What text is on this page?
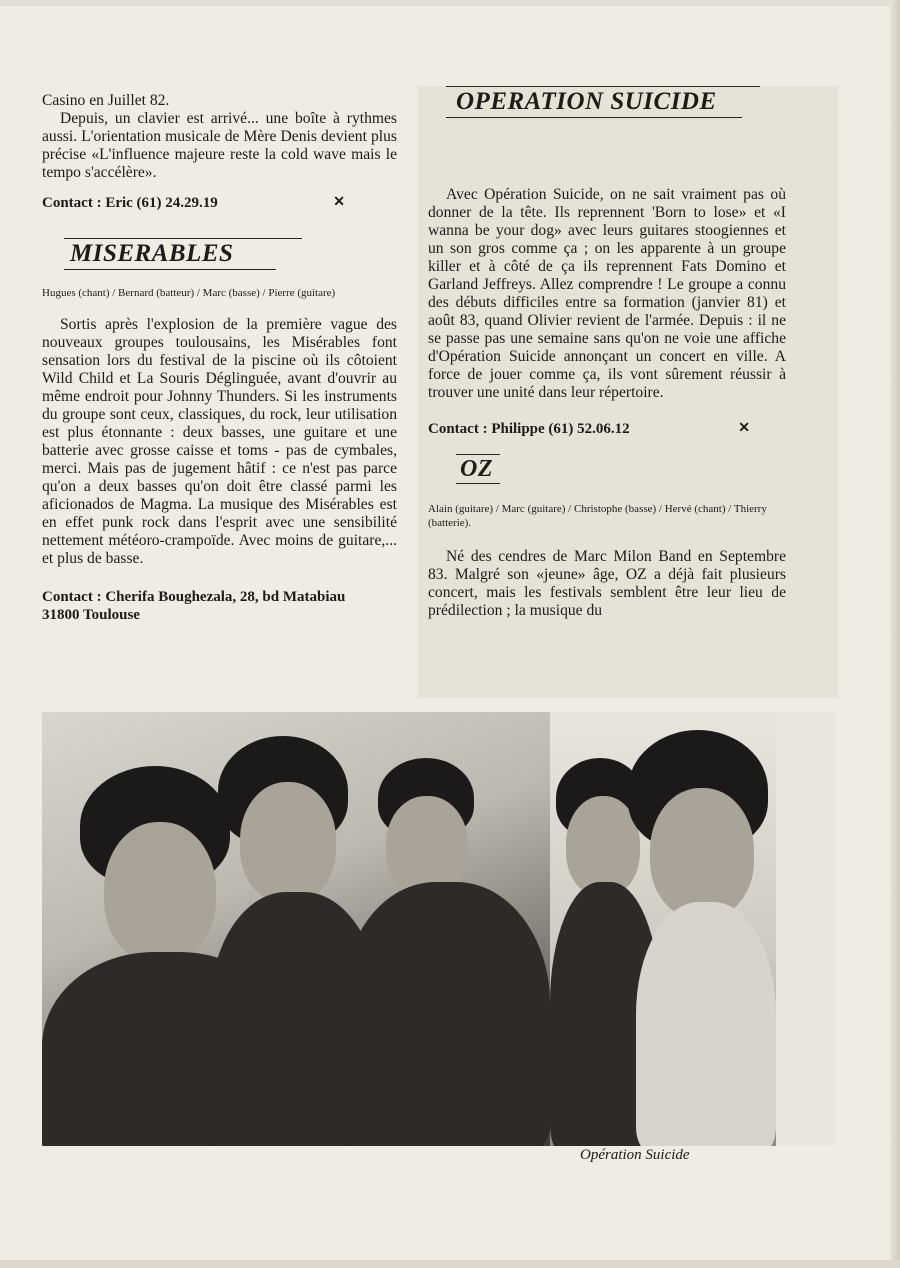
Casino en Juillet 82.

Depuis, un clavier est arrivé... une boîte à rythmes aussi. L'orientation musicale de Mère Denis devient plus précise «L'influence majeure reste la cold wave mais le tempo s'accélère».

Contact : Eric (61) 24.29.19	✕
MISERABLES

Hugues (chant) / Bernard (batteur) / Marc (basse) / Pierre (guitare)

Sortis après l'explosion de la première vague des nouveaux groupes toulousains, les Misérables font sensation lors du festival de la piscine où ils côtoient Wild Child et La Souris Déglinguée, avant d'ouvrir au même endroit pour Johnny Thunders. Si les instruments du groupe sont ceux, classiques, du rock, leur utilisation est plus étonnante : deux basses, une guitare et une batterie avec grosse caisse et toms - pas de cymbales, merci. Mais pas de jugement hâtif : ce n'est pas parce qu'on a deux basses qu'on doit être classé parmi les aficionados de Magma. La musique des Misérables est en effet punk rock dans l'esprit avec une sensibilité nettement météoro-crampoïde. Avec moins de guitare,... et plus de basse.

Contact : Cherifa Boughezala, 28, bd Matabiau
31800 Toulouse
OPERATION SUICIDE

Avec Opération Suicide, on ne sait vraiment pas où donner de la tête. Ils reprennent 'Born to lose» et «I wanna be your dog» avec leurs guitares stoogiennes et un son gros comme ça ; on les apparente à un groupe killer et à côté de ça ils reprennent Fats Domino et Garland Jeffreys. Allez comprendre ! Le groupe a connu des débuts difficiles entre sa formation (janvier 81) et août 83, quand Olivier revient de l'armée. Depuis : il ne se passe pas une semaine sans qu'on ne voie une affiche d'Opération Suicide annonçant un concert en ville. A force de jouer comme ça, ils vont sûrement réussir à trouver une unité dans leur répertoire.

Contact : Philippe (61) 52.06.12	✕
OZ

Alain (guitare) / Marc (guitare) / Christophe (basse) / Hervé (chant) / Thierry (batterie).

Né des cendres de Marc Milon Band en Septembre 83. Malgré son «jeune» âge, OZ a déjà fait plusieurs concert, mais les festivals semblent être leur lieu de prédilection ; la musique du

Opération Suicide
